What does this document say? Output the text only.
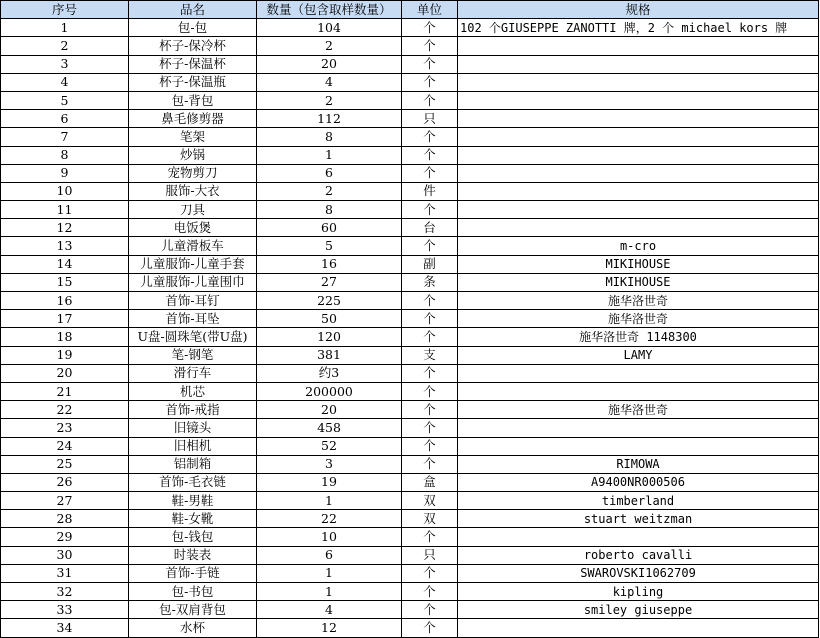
序号	品名	数量（包含取样数量）	单位	规格
1	包-包	104	个	102 个GIUSEPPE ZANOTTI 牌，2 个 michael kors 牌
2	杯子-保冷杯	2	个	
3	杯子-保温杯	20	个	
4	杯子-保温瓶	4	个	
5	包-背包	2	个	
6	鼻毛修剪器	112	只	
7	笔架	8	个	
8	炒锅	1	个	
9	宠物剪刀	6	个	
10	服饰-大衣	2	件	
11	刀具	8	个	
12	电饭煲	60	台	
13	儿童滑板车	5	个	m-cro
14	儿童服饰-儿童手套	16	副	MIKIHOUSE
15	儿童服饰-儿童围巾	27	条	MIKIHOUSE
16	首饰-耳钉	225	个	施华洛世奇
17	首饰-耳坠	50	个	施华洛世奇
18	U盘-圆珠笔(带U盘)	120	个	施华洛世奇 1148300
19	笔-钢笔	381	支	LAMY
20	滑行车	约3	个	
21	机芯	200000	个	
22	首饰-戒指	20	个	施华洛世奇
23	旧镜头	458	个	
24	旧相机	52	个	
25	铝制箱	3	个	RIMOWA
26	首饰-毛衣链	19	盒	A9400NR000506
27	鞋-男鞋	1	双	timberland
28	鞋-女靴	22	双	stuart weitzman
29	包-钱包	10	个	
30	时装表	6	只	roberto cavalli
31	首饰-手链	1	个	SWAROVSKI1062709
32	包-书包	1	个	kipling
33	包-双肩背包	4	个	smiley giuseppe
34	水杯	12	个	
